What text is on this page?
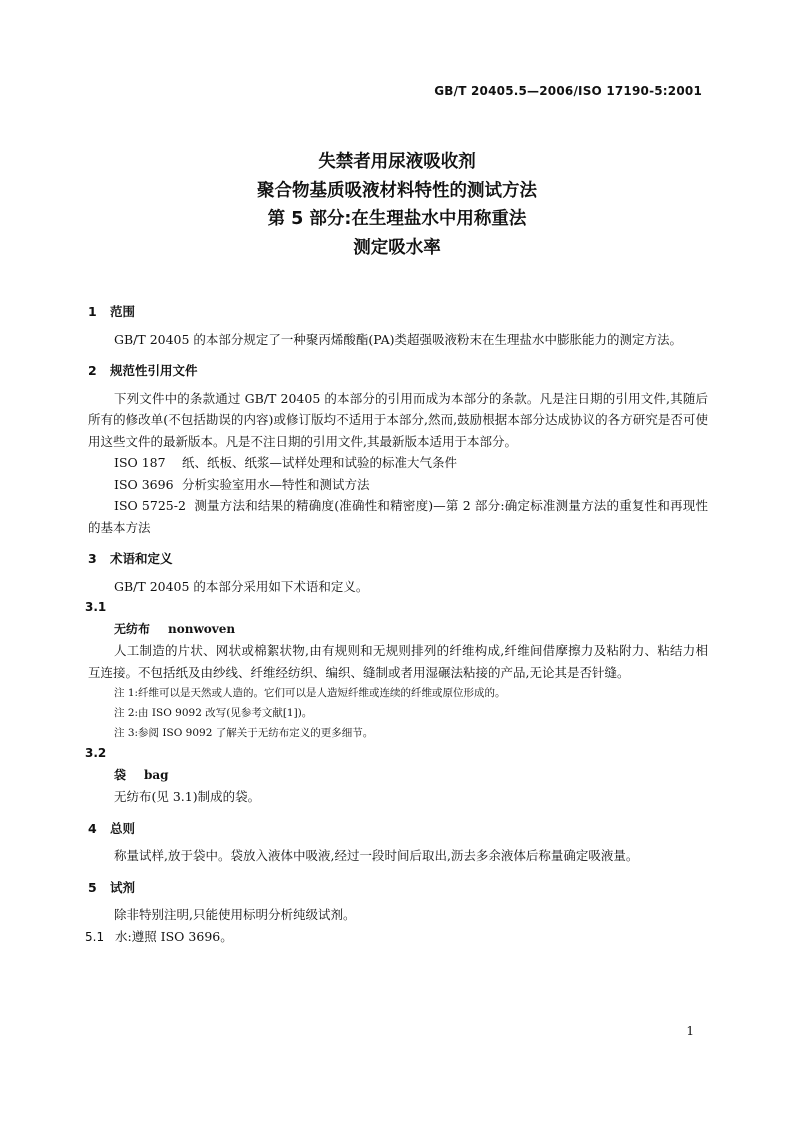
GB/T 20405.5—2006/ISO 17190-5:2001
失禁者用尿液吸收剂
聚合物基质吸液材料特性的测试方法
第 5 部分:在生理盐水中用称重法
测定吸水率

1 范围

GB/T 20405 的本部分规定了一种聚丙烯酸酯(PA)类超强吸液粉末在生理盐水中膨胀能力的测定方法。

2 规范性引用文件

下列文件中的条款通过 GB/T 20405 的本部分的引用而成为本部分的条款。凡是注日期的引用文件,其随后所有的修改单(不包括勘误的内容)或修订版均不适用于本部分,然而,鼓励根据本部分达成协议的各方研究是否可使用这些文件的最新版本。凡是不注日期的引用文件,其最新版本适用于本部分。

ISO 187 纸、纸板、纸浆—试样处理和试验的标准大气条件

ISO 3696 分析实验室用水—特性和测试方法

ISO 5725-2 测量方法和结果的精确度(准确性和精密度)—第 2 部分:确定标准测量方法的重复性和再现性的基本方法

3 术语和定义

GB/T 20405 的本部分采用如下术语和定义。

3.1

无纺布 nonwoven

人工制造的片状、网状或棉絮状物,由有规则和无规则排列的纤维构成,纤维间借摩擦力及粘附力、粘结力相互连接。不包括纸及由纱线、纤维经纺织、编织、缝制或者用湿碾法粘接的产品,无论其是否针缝。

注 1:纤维可以是天然或人造的。它们可以是人造短纤维或连续的纤维或原位形成的。

注 2:由 ISO 9092 改写(见参考文献[1])。

注 3:参阅 ISO 9092 了解关于无纺布定义的更多细节。

3.2

袋 bag

无纺布(见 3.1)制成的袋。

4 总则

称量试样,放于袋中。袋放入液体中吸液,经过一段时间后取出,沥去多余液体后称量确定吸液量。

5 试剂

除非特别注明,只能使用标明分析纯级试剂。

5.1 水:遵照 ISO 3696。

1
